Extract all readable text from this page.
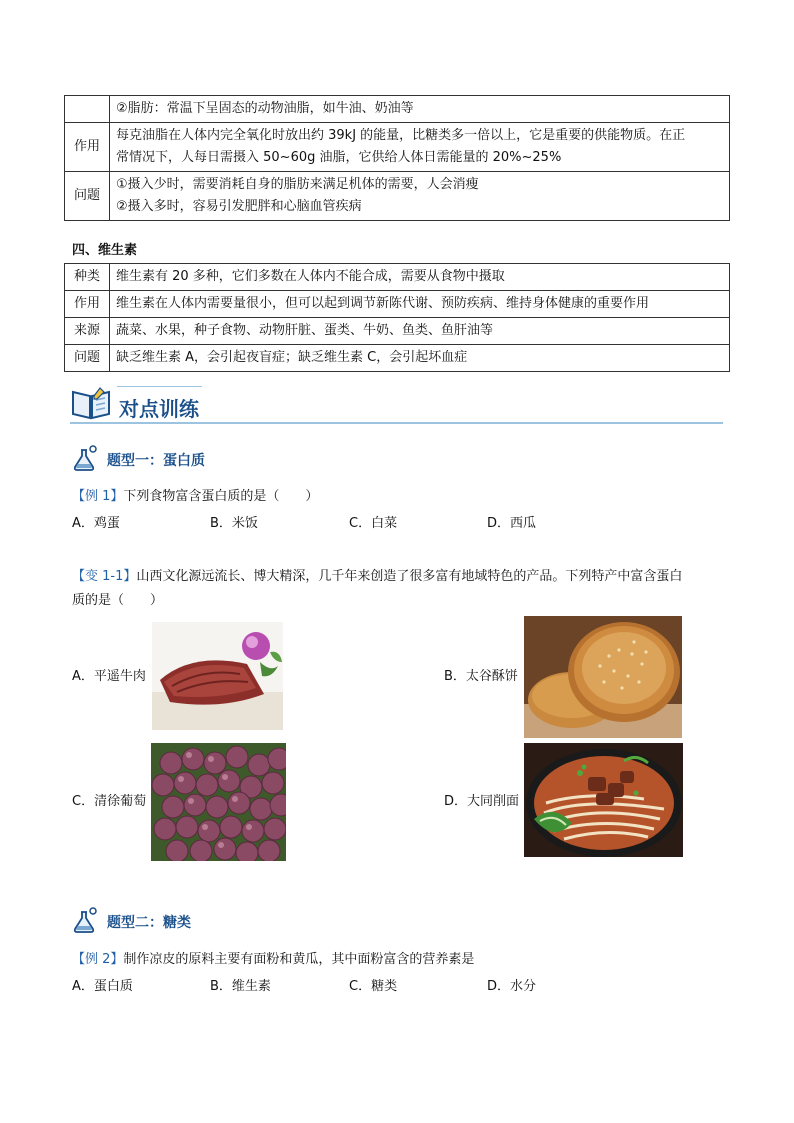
	②脂肪：常温下呈固态的动物油脂，如牛油、奶油等
作用	每克油脂在人体内完全氧化时放出约 39kJ 的能量，比糖类多一倍以上，它是重要的供能物质。在正
常情况下，人每日需摄入 50~60g 油脂，它供给人体日需能量的 20%~25%

问题	①摄入少时，需要消耗自身的脂肪来满足机体的需要，人会消瘦
②摄入多时，容易引发肥胖和心脑血管疾病
四、维生素
种类	维生素有 20 多种，它们多数在人体内不能合成，需要从食物中摄取
作用	维生素在人体内需要量很小，但可以起到调节新陈代谢、预防疾病、维持身体健康的重要作用
来源	蔬菜、水果，种子食物、动物肝脏、蛋类、牛奶、鱼类、鱼肝油等
问题	缺乏维生素 A，会引起夜盲症；缺乏维生素 C，会引起坏血症
对点训练
题型一：蛋白质
【例 1】下列食物富含蛋白质的是（　　）
A．鸡蛋	B．米饭	C．白菜	D．西瓜
【变 1-1】山西文化源远流长、博大精深，几千年来创造了很多富有地域特色的产品。下列特产中富含蛋白
质的是（　　）
A．平遥牛肉	B．太谷酥饼
C．清徐葡萄	D．大同削面
题型二：糖类
【例 2】制作凉皮的原料主要有面粉和黄瓜，其中面粉富含的营养素是
A．蛋白质	B．维生素	C．糖类	D．水分
